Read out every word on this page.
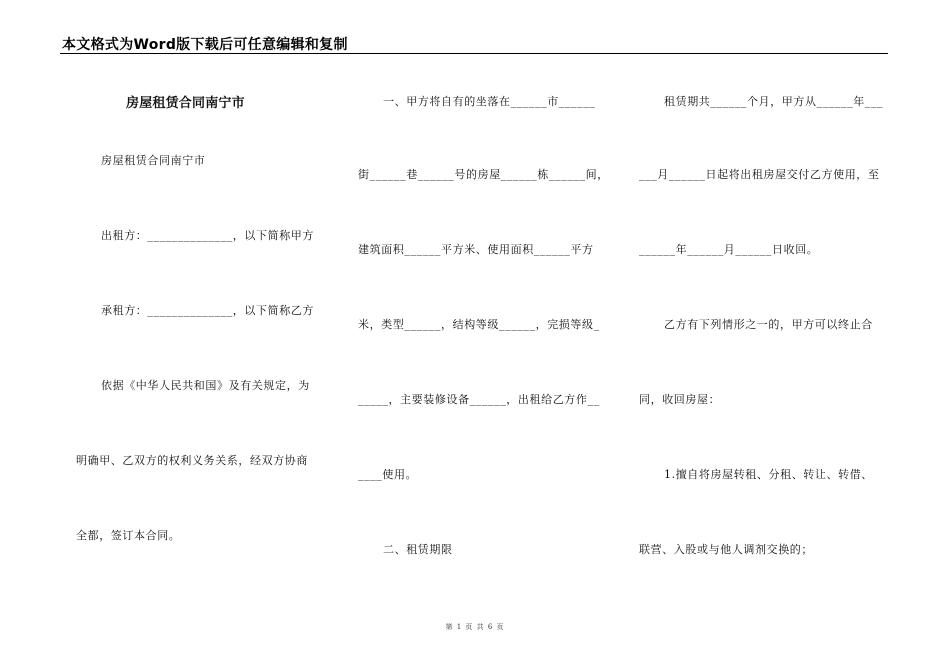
本文格式为Word版下载后可任意编辑和复制
房屋租赁合同南宁市
房屋租赁合同南宁市
出租方：______________，以下简称甲方
承租方：______________，以下简称乙方
依据《中华人民共和国》及有关规定，为
明确甲、乙双方的权利义务关系，经双方协商
全都，签订本合同。
一、甲方将自有的坐落在______市______
街______巷______号的房屋______栋______间，
建筑面积______平方米、使用面积______平方
米，类型______，结构等级______，完损等级_
_____，主要装修设备______，出租给乙方作__
____使用。
二、租赁期限
租赁期共______个月，甲方从______年___
___月______日起将出租房屋交付乙方使用，至
______年______月______日收回。
乙方有下列情形之一的，甲方可以终止合
同，收回房屋：
1.擅自将房屋转租、分租、转让、转借、
联营、入股或与他人调剂交换的；
第 1 页 共 6 页
